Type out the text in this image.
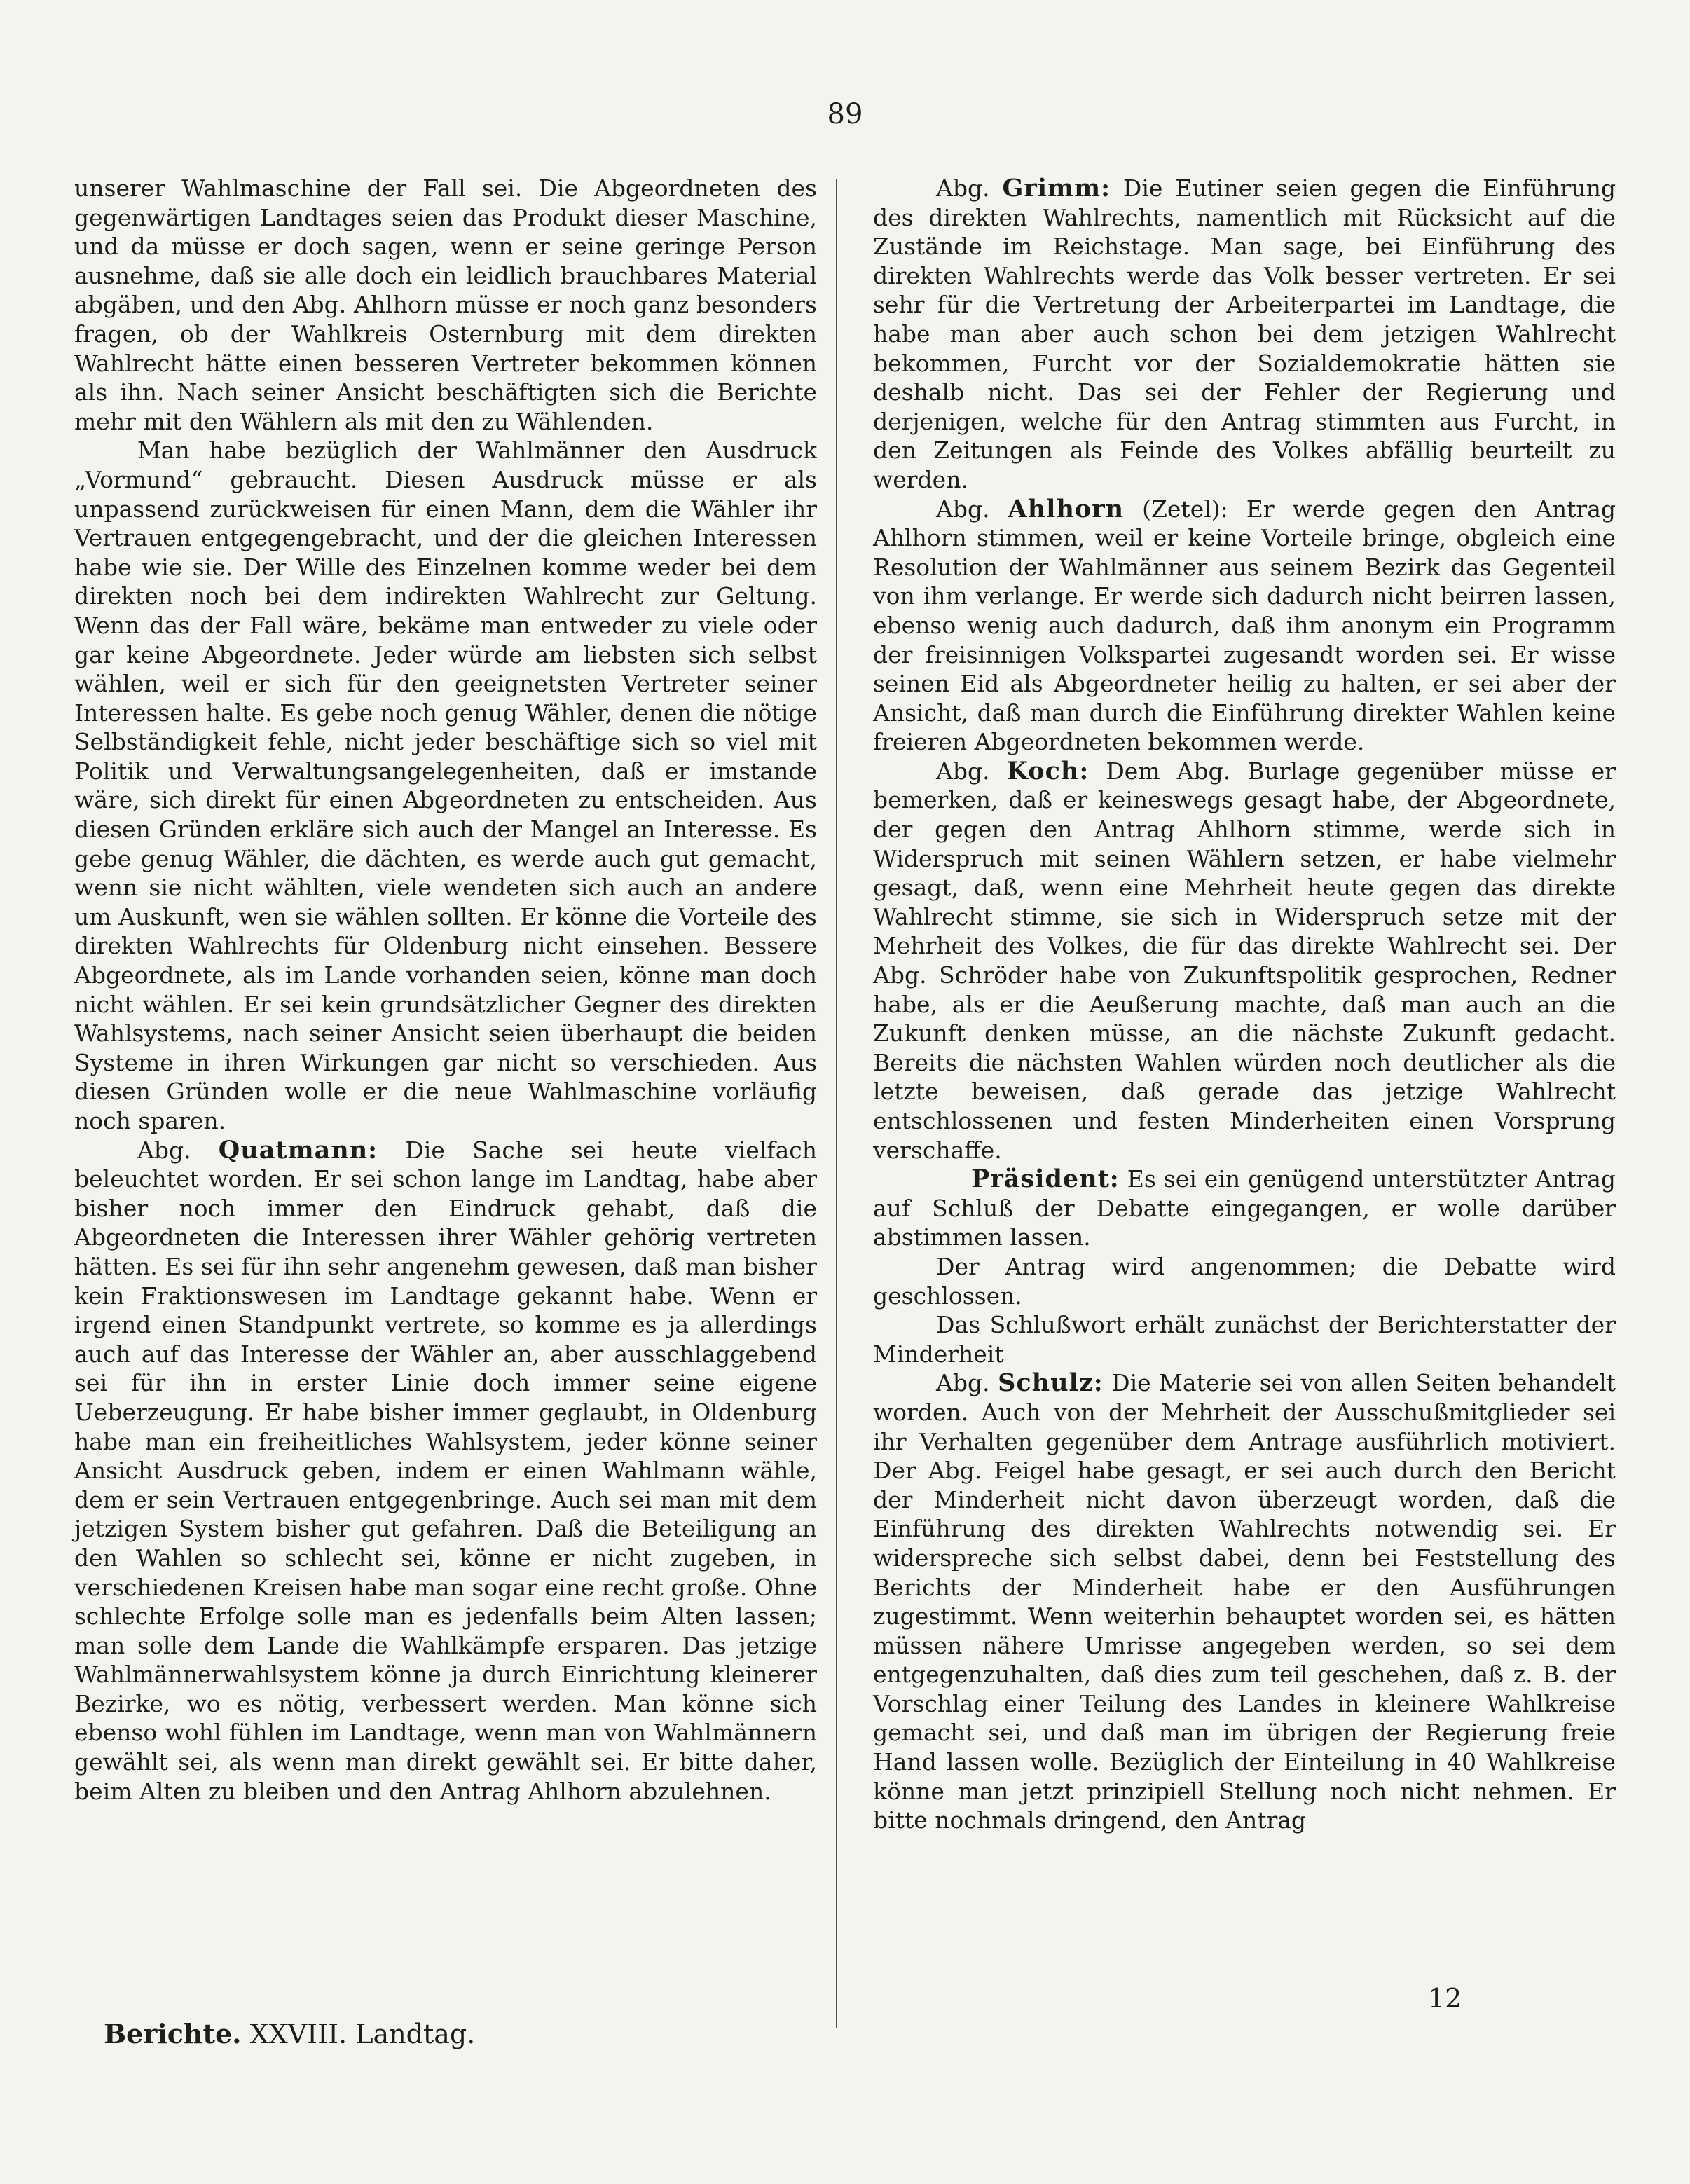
89

unserer Wahlmaschine der Fall sei. Die Abgeordneten des gegenwärtigen Landtages seien das Produkt dieser Maschine, und da müsse er doch sagen, wenn er seine geringe Person ausnehme, daß sie alle doch ein leidlich brauchbares Material abgäben, und den Abg. Ahlhorn müsse er noch ganz besonders fragen, ob der Wahlkreis Osternburg mit dem direkten Wahlrecht hätte einen besseren Vertreter bekommen können als ihn. Nach seiner Ansicht beschäftigten sich die Berichte mehr mit den Wählern als mit den zu Wählenden.

Man habe bezüglich der Wahlmänner den Ausdruck „Vormund“ gebraucht. Diesen Ausdruck müsse er als unpassend zurückweisen für einen Mann, dem die Wähler ihr Vertrauen entgegengebracht, und der die gleichen Interessen habe wie sie. Der Wille des Einzelnen komme weder bei dem direkten noch bei dem indirekten Wahlrecht zur Geltung. Wenn das der Fall wäre, bekäme man entweder zu viele oder gar keine Abgeordnete. Jeder würde am liebsten sich selbst wählen, weil er sich für den geeignetsten Vertreter seiner Interessen halte. Es gebe noch genug Wähler, denen die nötige Selbständigkeit fehle, nicht jeder beschäftige sich so viel mit Politik und Verwaltungsangelegenheiten, daß er imstande wäre, sich direkt für einen Abgeordneten zu entscheiden. Aus diesen Gründen erkläre sich auch der Mangel an Interesse. Es gebe genug Wähler, die dächten, es werde auch gut gemacht, wenn sie nicht wählten, viele wendeten sich auch an andere um Auskunft, wen sie wählen sollten. Er könne die Vorteile des direkten Wahlrechts für Oldenburg nicht einsehen. Bessere Abgeordnete, als im Lande vorhanden seien, könne man doch nicht wählen. Er sei kein grundsätzlicher Gegner des direkten Wahlsystems, nach seiner Ansicht seien überhaupt die beiden Systeme in ihren Wirkungen gar nicht so verschieden. Aus diesen Gründen wolle er die neue Wahlmaschine vorläufig noch sparen.

Abg. Quatmann: Die Sache sei heute vielfach beleuchtet worden. Er sei schon lange im Landtag, habe aber bisher noch immer den Eindruck gehabt, daß die Abgeordneten die Interessen ihrer Wähler gehörig vertreten hätten. Es sei für ihn sehr angenehm gewesen, daß man bisher kein Fraktionswesen im Landtage gekannt habe. Wenn er irgend einen Standpunkt vertrete, so komme es ja allerdings auch auf das Interesse der Wähler an, aber ausschlaggebend sei für ihn in erster Linie doch immer seine eigene Ueberzeugung. Er habe bisher immer geglaubt, in Oldenburg habe man ein freiheitliches Wahlsystem, jeder könne seiner Ansicht Ausdruck geben, indem er einen Wahlmann wähle, dem er sein Vertrauen entgegenbringe. Auch sei man mit dem jetzigen System bisher gut gefahren. Daß die Beteiligung an den Wahlen so schlecht sei, könne er nicht zugeben, in verschiedenen Kreisen habe man sogar eine recht große. Ohne schlechte Erfolge solle man es jedenfalls beim Alten lassen; man solle dem Lande die Wahlkämpfe ersparen. Das jetzige Wahlmännerwahlsystem könne ja durch Einrichtung kleinerer Bezirke, wo es nötig, verbessert werden. Man könne sich ebenso wohl fühlen im Landtage, wenn man von Wahlmännern gewählt sei, als wenn man direkt gewählt sei. Er bitte daher, beim Alten zu bleiben und den Antrag Ahlhorn abzulehnen.

Abg. Grimm: Die Eutiner seien gegen die Einführung des direkten Wahlrechts, namentlich mit Rücksicht auf die Zustände im Reichstage. Man sage, bei Einführung des direkten Wahlrechts werde das Volk besser vertreten. Er sei sehr für die Vertretung der Arbeiterpartei im Landtage, die habe man aber auch schon bei dem jetzigen Wahlrecht bekommen, Furcht vor der Sozialdemokratie hätten sie deshalb nicht. Das sei der Fehler der Regierung und derjenigen, welche für den Antrag stimmten aus Furcht, in den Zeitungen als Feinde des Volkes abfällig beurteilt zu werden.

Abg. Ahlhorn (Zetel): Er werde gegen den Antrag Ahlhorn stimmen, weil er keine Vorteile bringe, obgleich eine Resolution der Wahlmänner aus seinem Bezirk das Gegenteil von ihm verlange. Er werde sich dadurch nicht beirren lassen, ebenso wenig auch dadurch, daß ihm anonym ein Programm der freisinnigen Volkspartei zugesandt worden sei. Er wisse seinen Eid als Abgeordneter heilig zu halten, er sei aber der Ansicht, daß man durch die Einführung direkter Wahlen keine freieren Abgeordneten bekommen werde.

Abg. Koch: Dem Abg. Burlage gegenüber müsse er bemerken, daß er keineswegs gesagt habe, der Abgeordnete, der gegen den Antrag Ahlhorn stimme, werde sich in Widerspruch mit seinen Wählern setzen, er habe vielmehr gesagt, daß, wenn eine Mehrheit heute gegen das direkte Wahlrecht stimme, sie sich in Widerspruch setze mit der Mehrheit des Volkes, die für das direkte Wahlrecht sei. Der Abg. Schröder habe von Zukunftspolitik gesprochen, Redner habe, als er die Aeußerung machte, daß man auch an die Zukunft denken müsse, an die nächste Zukunft gedacht. Bereits die nächsten Wahlen würden noch deutlicher als die letzte beweisen, daß gerade das jetzige Wahlrecht entschlossenen und festen Minderheiten einen Vorsprung verschaffe.

Präsident: Es sei ein genügend unterstützter Antrag auf Schluß der Debatte eingegangen, er wolle darüber abstimmen lassen.

Der Antrag wird angenommen; die Debatte wird geschlossen.

Das Schlußwort erhält zunächst der Berichterstatter der Minderheit

Abg. Schulz: Die Materie sei von allen Seiten behandelt worden. Auch von der Mehrheit der Ausschußmitglieder sei ihr Verhalten gegenüber dem Antrage ausführlich motiviert. Der Abg. Feigel habe gesagt, er sei auch durch den Bericht der Minderheit nicht davon überzeugt worden, daß die Einführung des direkten Wahlrechts notwendig sei. Er widerspreche sich selbst dabei, denn bei Feststellung des Berichts der Minderheit habe er den Ausführungen zugestimmt. Wenn weiterhin behauptet worden sei, es hätten müssen nähere Umrisse angegeben werden, so sei dem entgegenzuhalten, daß dies zum teil geschehen, daß z. B. der Vorschlag einer Teilung des Landes in kleinere Wahlkreise gemacht sei, und daß man im übrigen der Regierung freie Hand lassen wolle. Bezüglich der Einteilung in 40 Wahlkreise könne man jetzt prinzipiell Stellung noch nicht nehmen. Er bitte nochmals dringend, den Antrag

Berichte. XXVIII. Landtag.
12
